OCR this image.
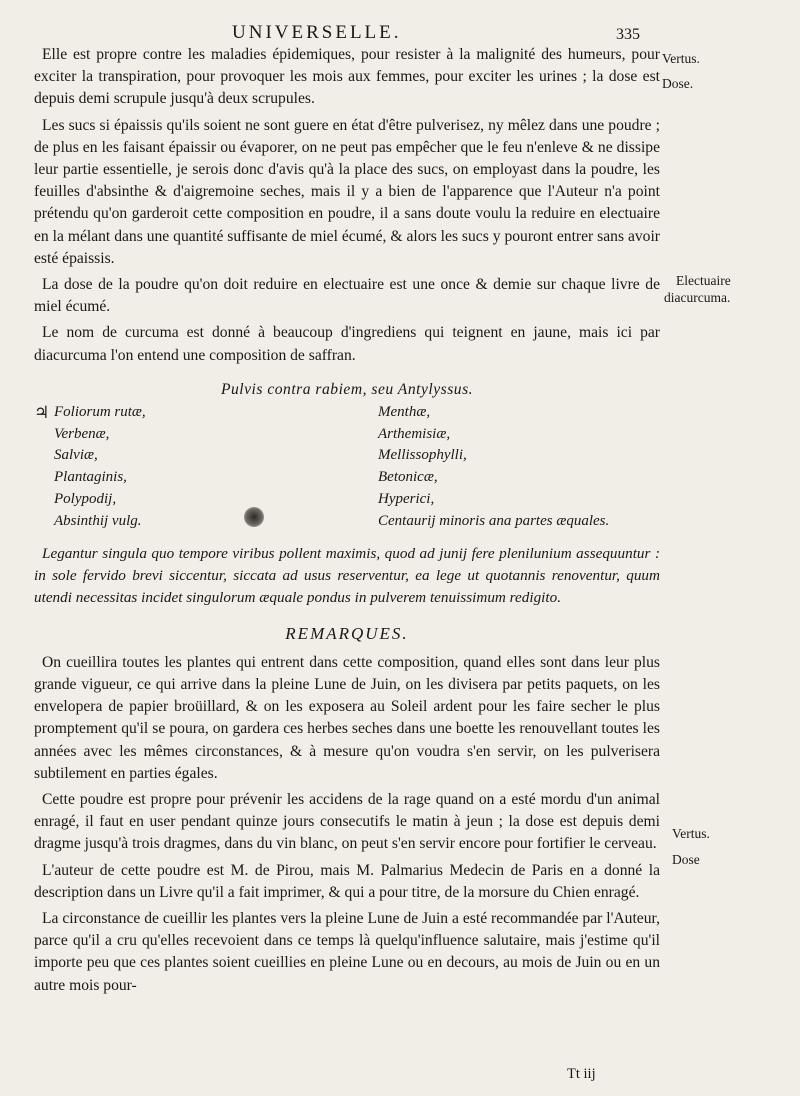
UNIVERSELLE.	335
Vertus.
Dose.
Electuaire
diacurcuma.
Vertus.
Dose

Elle est propre contre les maladies épidemiques, pour resister à la malignité des humeurs, pour exciter la transpiration, pour provoquer les mois aux femmes, pour exciter les urines ; la dose est depuis demi scrupule jusqu'à deux scrupules.

Les sucs si épaissis qu'ils soient ne sont guere en état d'être pulverisez, ny mêlez dans une poudre ; de plus en les faisant épaissir ou évaporer, on ne peut pas empêcher que le feu n'enleve & ne dissipe leur partie essentielle, je serois donc d'avis qu'à la place des sucs, on employast dans la poudre, les feuilles d'absinthe & d'aigremoine seches, mais il y a bien de l'apparence que l'Auteur n'a point prétendu qu'on garderoit cette composition en poudre, il a sans doute voulu la reduire en electuaire en la mélant dans une quantité suffisante de miel écumé, & alors les sucs y pouront entrer sans avoir esté épaissis.

La dose de la poudre qu'on doit reduire en electuaire est une once & demie sur chaque livre de miel écumé.

Le nom de curcuma est donné à beaucoup d'ingrediens qui teignent en jaune, mais ici par diacurcuma l'on entend une composition de saffran.

Pulvis contra rabiem, seu Antylyssus.
♃ Foliorum rutæ,
Verbenæ,
Salviæ,
Plantaginis,
Polypodij,
Absinthij vulg.
Menthæ,
Arthemisiæ,
Mellissophylli,
Betonicæ,
Hyperici,
Centaurij minoris ana partes æquales.

Legantur singula quo tempore viribus pollent maximis, quod ad junij fere plenilunium assequuntur : in sole fervido brevi siccentur, siccata ad usus reserventur, ea lege ut quotannis renoventur, quum utendi necessitas incidet singulorum æquale pondus in pulverem tenuissimum redigito.

REMARQUES.

On cueillira toutes les plantes qui entrent dans cette composition, quand elles sont dans leur plus grande vigueur, ce qui arrive dans la pleine Lune de Juin, on les divisera par petits paquets, on les envelopera de papier broüillard, & on les exposera au Soleil ardent pour les faire secher le plus promptement qu'il se poura, on gardera ces herbes seches dans une boette les renouvellant toutes les années avec les mêmes circonstances, & à mesure qu'on voudra s'en servir, on les pulverisera subtilement en parties égales.

Cette poudre est propre pour prévenir les accidens de la rage quand on a esté mordu d'un animal enragé, il faut en user pendant quinze jours consecutifs le matin à jeun ; la dose est depuis demi dragme jusqu'à trois dragmes, dans du vin blanc, on peut s'en servir encore pour fortifier le cerveau.

L'auteur de cette poudre est M. de Pirou, mais M. Palmarius Medecin de Paris en a donné la description dans un Livre qu'il a fait imprimer, & qui a pour titre, de la morsure du Chien enragé.

La circonstance de cueillir les plantes vers la pleine Lune de Juin a esté recommandée par l'Auteur, parce qu'il a cru qu'elles recevoient dans ce temps là quelqu'influence salutaire, mais j'estime qu'il importe peu que ces plantes soient cueillies en pleine Lune ou en decours, au mois de Juin ou en un autre mois pour-

Tt iij
